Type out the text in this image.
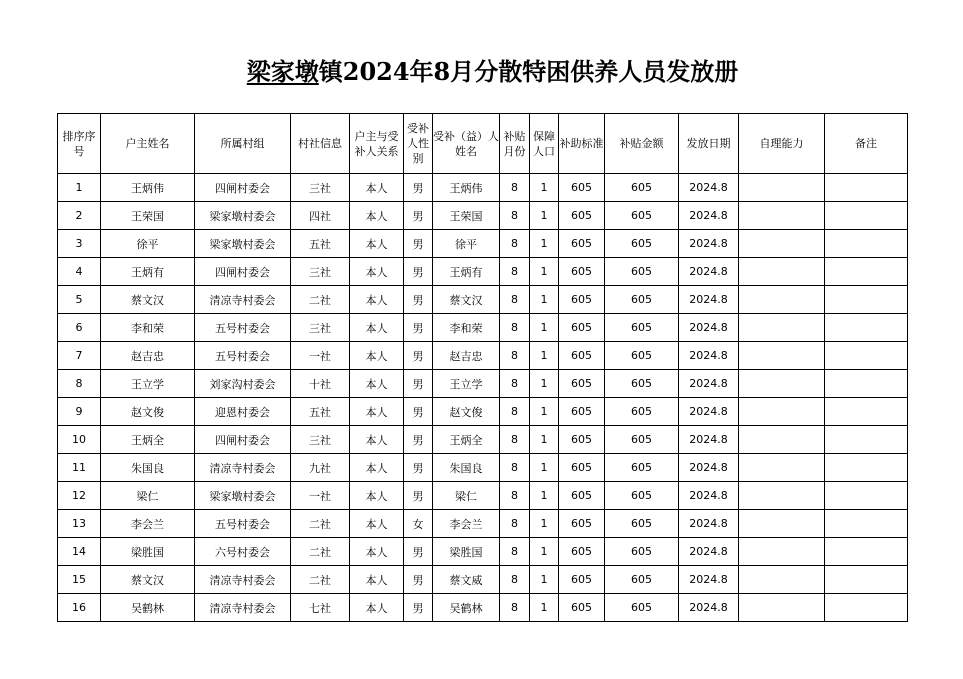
梁家墩镇2024年8月分散特困供养人员发放册
排序序号	户主姓名	所属村组	村社信息	户主与受补人关系	受补人性别	受补（益）人姓名	补贴月份	保障人口	补助标准	补贴金额	发放日期	自理能力	备注
1	王炳伟	四闸村委会	三社	本人	男	王炳伟	8	1	605	605	2024.8		
2	王荣国	梁家墩村委会	四社	本人	男	王荣国	8	1	605	605	2024.8		
3	徐平	梁家墩村委会	五社	本人	男	徐平	8	1	605	605	2024.8		
4	王炳有	四闸村委会	三社	本人	男	王炳有	8	1	605	605	2024.8		
5	蔡文汉	清凉寺村委会	二社	本人	男	蔡文汉	8	1	605	605	2024.8		
6	李和荣	五号村委会	三社	本人	男	李和荣	8	1	605	605	2024.8		
7	赵吉忠	五号村委会	一社	本人	男	赵吉忠	8	1	605	605	2024.8		
8	王立学	刘家沟村委会	十社	本人	男	王立学	8	1	605	605	2024.8		
9	赵文俊	迎恩村委会	五社	本人	男	赵文俊	8	1	605	605	2024.8		
10	王炳全	四闸村委会	三社	本人	男	王炳全	8	1	605	605	2024.8		
11	朱国良	清凉寺村委会	九社	本人	男	朱国良	8	1	605	605	2024.8		
12	梁仁	梁家墩村委会	一社	本人	男	梁仁	8	1	605	605	2024.8		
13	李会兰	五号村委会	二社	本人	女	李会兰	8	1	605	605	2024.8		
14	梁胜国	六号村委会	二社	本人	男	梁胜国	8	1	605	605	2024.8		
15	蔡文汉	清凉寺村委会	二社	本人	男	蔡文威	8	1	605	605	2024.8		
16	吴鹤林	清凉寺村委会	七社	本人	男	吴鹤林	8	1	605	605	2024.8		
